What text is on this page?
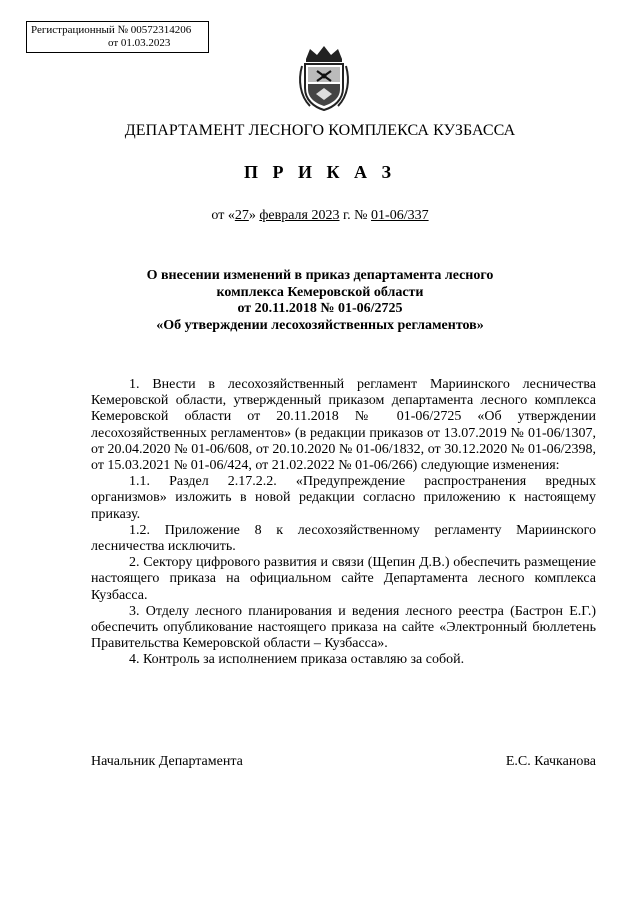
Регистрационный № 00572314206
от 01.03.2023
ДЕПАРТАМЕНТ ЛЕСНОГО КОМПЛЕКСА КУЗБАССА
П Р И К А З
от «27» февраля 2023 г. № 01-06/337
О внесении изменений в приказ департамента лесного
комплекса Кемеровской области
от 20.11.2018 № 01-06/2725
«Об утверждении лесохозяйственных регламентов»

1. Внести в лесохозяйственный регламент Мариинского лесничества Кемеровской области, утвержденный приказом департамента лесного комплекса Кемеровской области от 20.11.2018 № 01-06/2725 «Об утверждении лесохозяйственных регламентов» (в редакции приказов от 13.07.2019 № 01-06/1307, от 20.04.2020 № 01-06/608, от 20.10.2020 № 01-06/1832, от 30.12.2020 № 01-06/2398, от 15.03.2021 № 01-06/424, от 21.02.2022 № 01-06/266) следующие изменения:

1.1. Раздел 2.17.2.2. «Предупреждение распространения вредных организмов» изложить в новой редакции согласно приложению к настоящему приказу.

1.2. Приложение 8 к лесохозяйственному регламенту Мариинского лесничества исключить.

2. Сектору цифрового развития и связи (Щепин Д.В.) обеспечить размещение настоящего приказа на официальном сайте Департамента лесного комплекса Кузбасса.

3. Отделу лесного планирования и ведения лесного реестра (Бастрон Е.Г.) обеспечить опубликование настоящего приказа на сайте «Электронный бюллетень Правительства Кемеровской области – Кузбасса».

4. Контроль за исполнением приказа оставляю за собой.

Начальник Департамента	Е.С. Качканова
